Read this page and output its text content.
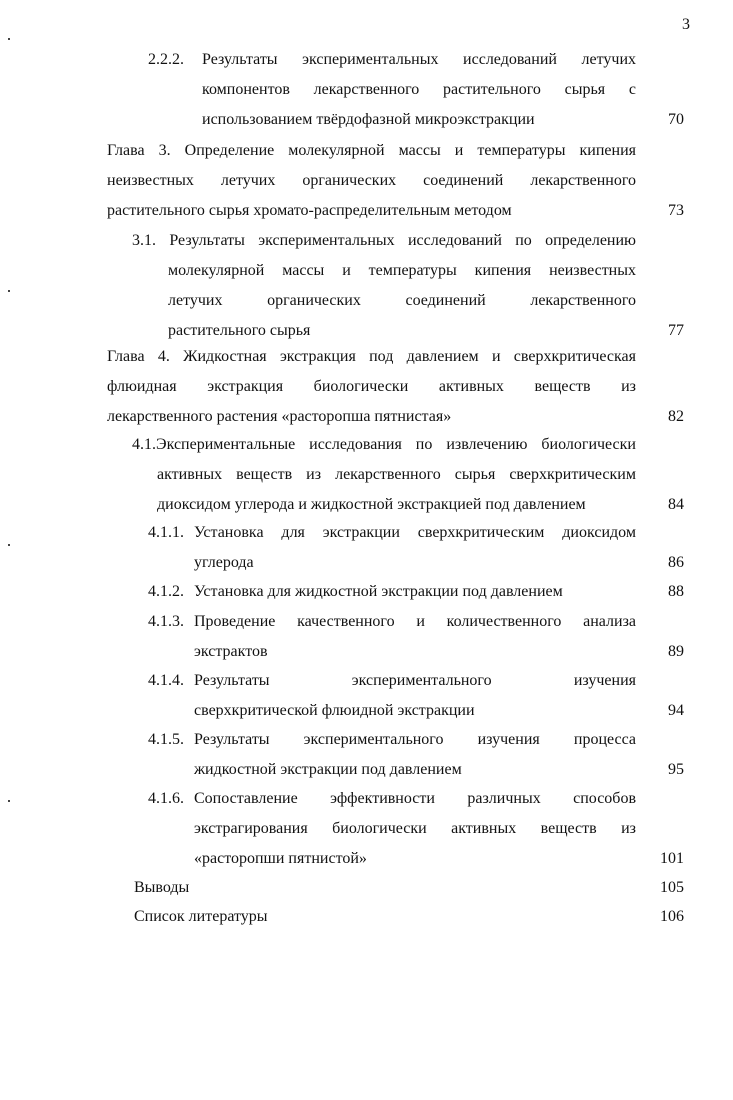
3
2.2.2. Результаты экспериментальных исследований летучих
компонентов лекарственного растительного сырья с
использованием твёрдофазной микроэкстракции	70
Глава 3. Определение молекулярной массы и температуры кипения
неизвестных летучих органических соединений лекарственного
растительного сырья хромато-распределительным методом	73
3.1. Результаты экспериментальных исследований по определению
молекулярной массы и температуры кипения неизвестных
летучих органических соединений лекарственного
растительного сырья	77
Глава 4. Жидкостная экстракция под давлением и сверхкритическая
флюидная экстракция биологически активных веществ из
лекарственного растения «расторопша пятнистая»	82
4.1.Экспериментальные исследования по извлечению биологически
активных веществ из лекарственного сырья сверхкритическим
диоксидом углерода и жидкостной экстракцией под давлением	84
4.1.1. Установка для экстракции сверхкритическим диоксидом
углерода	86
4.1.2. Установка для жидкостной экстракции под давлением	88
4.1.3. Проведение качественного и количественного анализа
экстрактов	89
4.1.4. Результаты экспериментального изучения
сверхкритической флюидной экстракции	94
4.1.5. Результаты экспериментального изучения процесса
жидкостной экстракции под давлением	95
4.1.6. Сопоставление эффективности различных способов
экстрагирования биологически активных веществ из
«расторопши пятнистой»	101
Выводы	105
Список литературы	106
